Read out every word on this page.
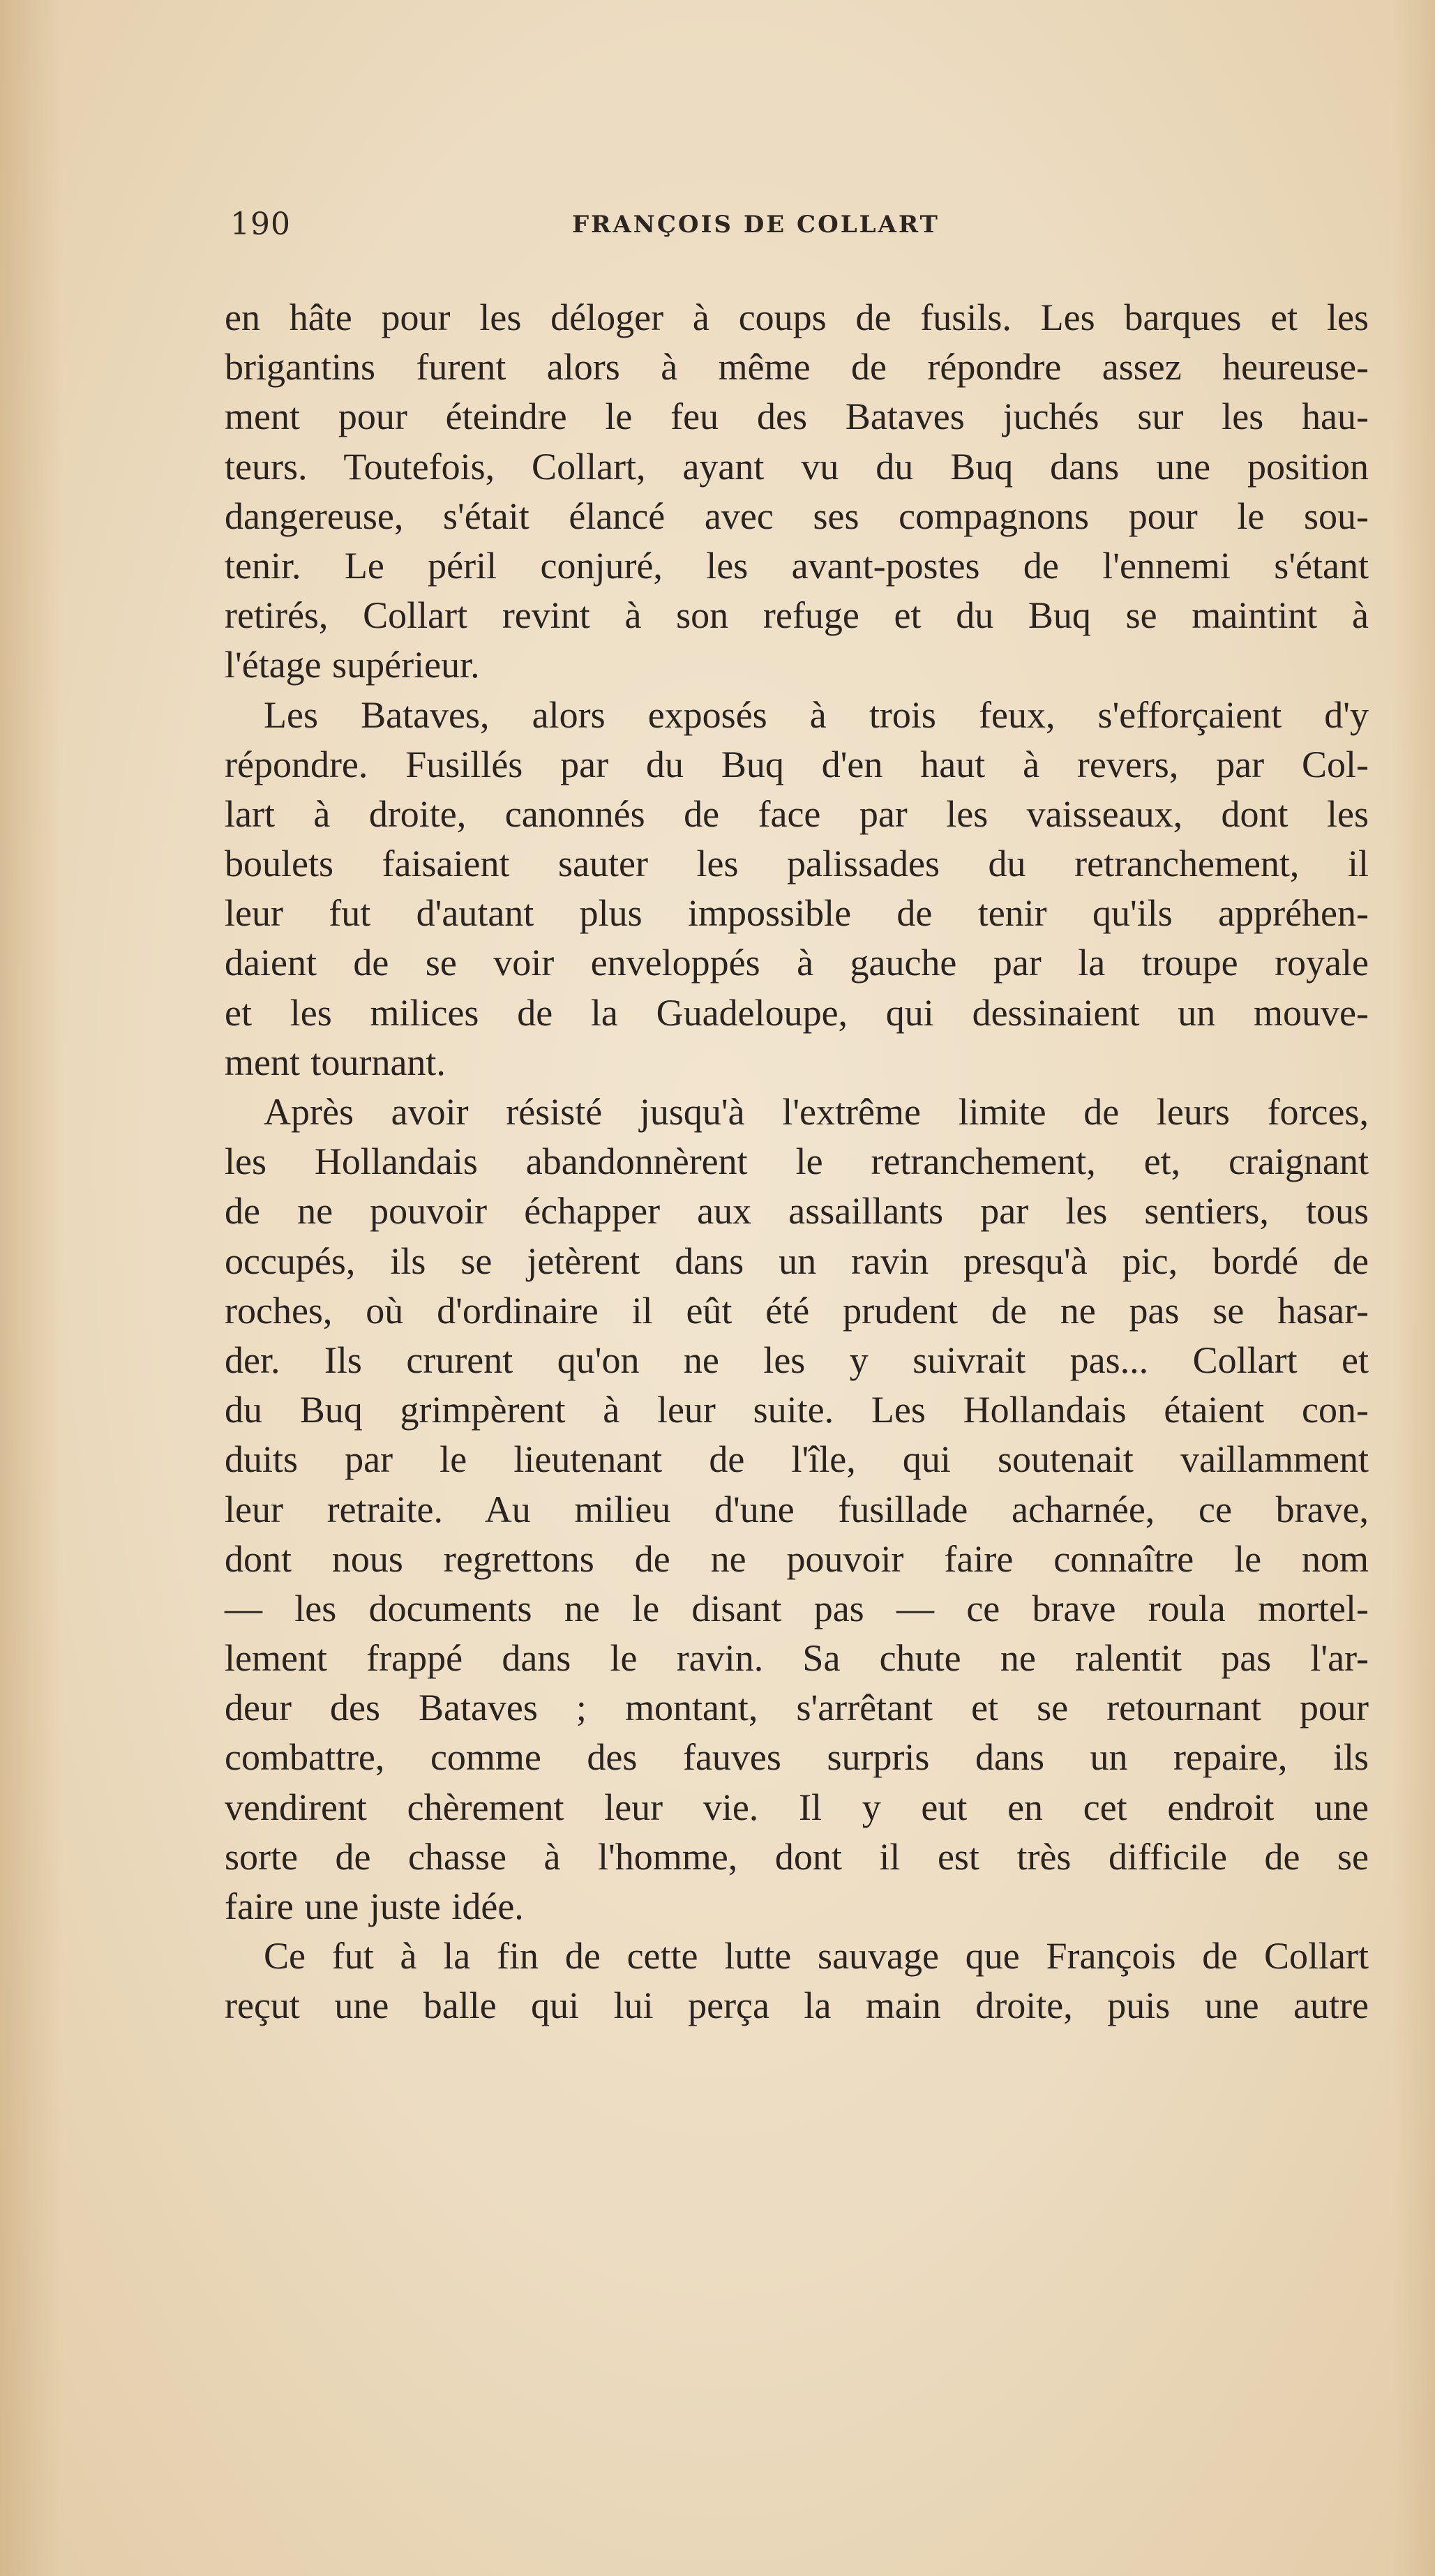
190	FRANÇOIS DE COLLART
en hâte pour les déloger à coups de fusils. Les barques et les
brigantins furent alors à même de répondre assez heureuse-
ment pour éteindre le feu des Bataves juchés sur les hau-
teurs. Toutefois, Collart, ayant vu du Buq dans une position
dangereuse, s'était élancé avec ses compagnons pour le sou-
tenir. Le péril conjuré, les avant-postes de l'ennemi s'étant
retirés, Collart revint à son refuge et du Buq se maintint à
l'étage supérieur.
Les Bataves, alors exposés à trois feux, s'efforçaient d'y
répondre. Fusillés par du Buq d'en haut à revers, par Col-
lart à droite, canonnés de face par les vaisseaux, dont les
boulets faisaient sauter les palissades du retranchement, il
leur fut d'autant plus impossible de tenir qu'ils appréhen-
daient de se voir enveloppés à gauche par la troupe royale
et les milices de la Guadeloupe, qui dessinaient un mouve-
ment tournant.
Après avoir résisté jusqu'à l'extrême limite de leurs forces,
les Hollandais abandonnèrent le retranchement, et, craignant
de ne pouvoir échapper aux assaillants par les sentiers, tous
occupés, ils se jetèrent dans un ravin presqu'à pic, bordé de
roches, où d'ordinaire il eût été prudent de ne pas se hasar-
der. Ils crurent qu'on ne les y suivrait pas... Collart et
du Buq grimpèrent à leur suite. Les Hollandais étaient con-
duits par le lieutenant de l'île, qui soutenait vaillamment
leur retraite. Au milieu d'une fusillade acharnée, ce brave,
dont nous regrettons de ne pouvoir faire connaître le nom
— les documents ne le disant pas — ce brave roula mortel-
lement frappé dans le ravin. Sa chute ne ralentit pas l'ar-
deur des Bataves ; montant, s'arrêtant et se retournant pour
combattre, comme des fauves surpris dans un repaire, ils
vendirent chèrement leur vie. Il y eut en cet endroit une
sorte de chasse à l'homme, dont il est très difficile de se
faire une juste idée.
Ce fut à la fin de cette lutte sauvage que François de Collart
reçut une balle qui lui perça la main droite, puis une autre
